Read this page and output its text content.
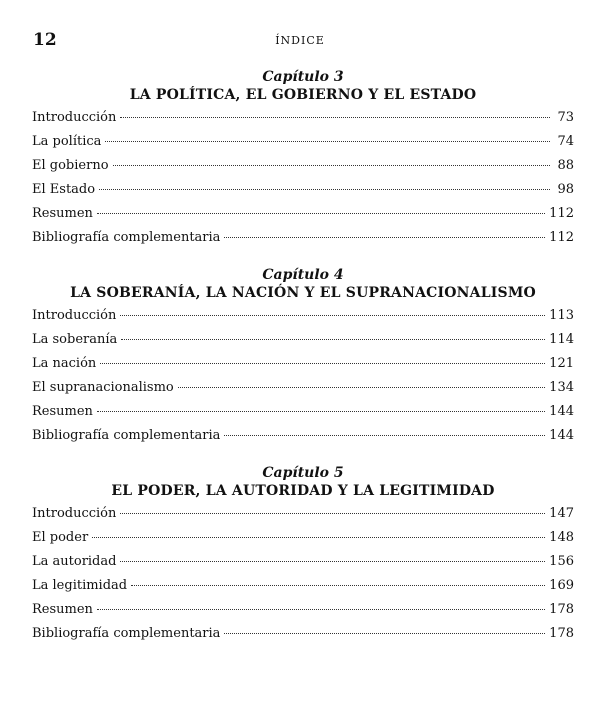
12	ÍNDICE
Capítulo 3
LA POLÍTICA, EL GOBIERNO Y EL ESTADO
Introducción	73
La política	74
El gobierno	88
El Estado	98
Resumen	112
Bibliografía complementaria	112
Capítulo 4
LA SOBERANÍA, LA NACIÓN Y EL SUPRANACIONALISMO
Introducción	113
La soberanía	114
La nación	121
El supranacionalismo	134
Resumen	144
Bibliografía complementaria	144
Capítulo 5
EL PODER, LA AUTORIDAD Y LA LEGITIMIDAD
Introducción	147
El poder	148
La autoridad	156
La legitimidad	169
Resumen	178
Bibliografía complementaria	178
